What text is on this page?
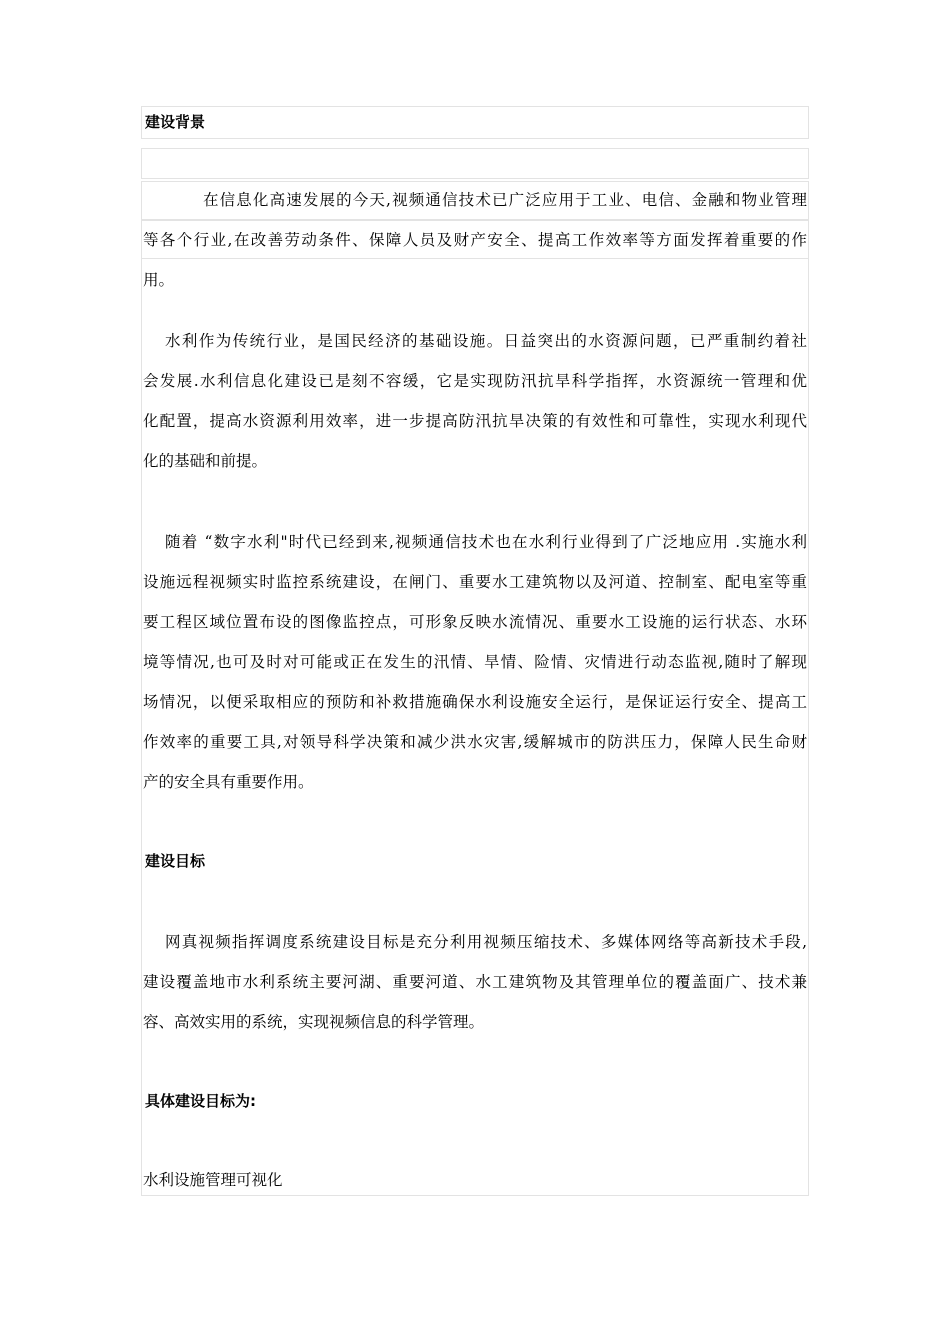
建设背景
在信息化高速发展的今天,视频通信技术已广泛应用于工业、电信、金融和物业管理
等各个行业,在改善劳动条件、保障人员及财产安全、提高工作效率等方面发挥着重要的作
用。
水利作为传统行业，是国民经济的基础设施。日益突出的水资源问题，已严重制约着社
会发展.水利信息化建设已是刻不容缓，它是实现防汛抗旱科学指挥，水资源统一管理和优
化配置，提高水资源利用效率，进一步提高防汛抗旱决策的有效性和可靠性，实现水利现代
化的基础和前提。
随着 “数字水利"时代已经到来,视频通信技术也在水利行业得到了广泛地应用 .实施水利
设施远程视频实时监控系统建设，在闸门、重要水工建筑物以及河道、控制室、配电室等重
要工程区域位置布设的图像监控点，可形象反映水流情况、重要水工设施的运行状态、水环
境等情况,也可及时对可能或正在发生的汛情、旱情、险情、灾情进行动态监视,随时了解现
场情况，以便采取相应的预防和补救措施确保水利设施安全运行，是保证运行安全、提高工
作效率的重要工具,对领导科学决策和减少洪水灾害,缓解城市的防洪压力，保障人民生命财
产的安全具有重要作用。
建设目标
网真视频指挥调度系统建设目标是充分利用视频压缩技术、多媒体网络等高新技术手段,
建设覆盖地市水利系统主要河湖、重要河道、水工建筑物及其管理单位的覆盖面广、技术兼
容、高效实用的系统，实现视频信息的科学管理。
具体建设目标为:
水利设施管理可视化
